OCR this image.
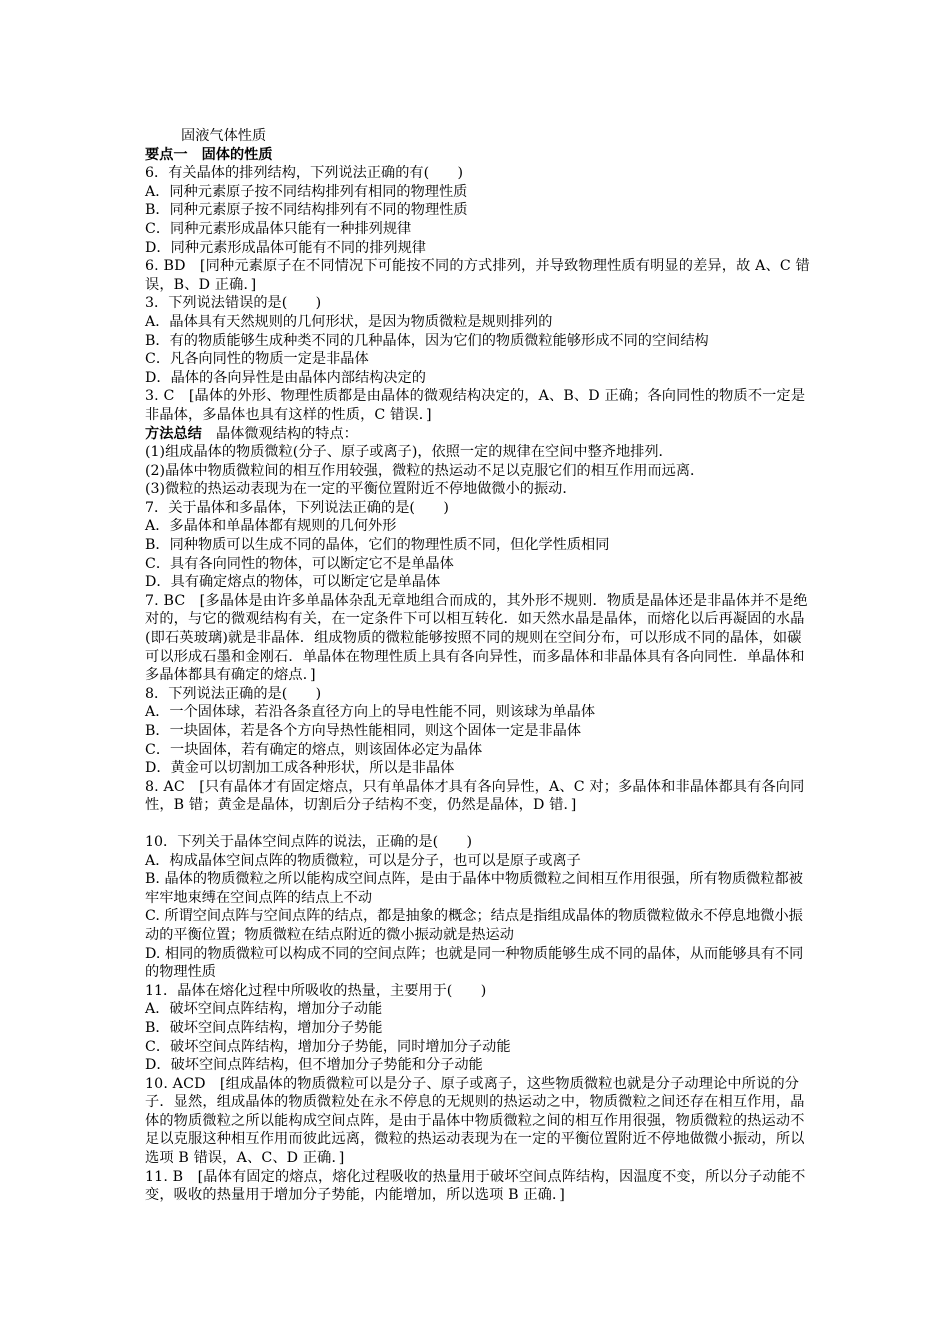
固液气体性质

要点一 固体的性质

6．有关晶体的排列结构，下列说法正确的有(　　)

A．同种元素原子按不同结构排列有相同的物理性质

B．同种元素原子按不同结构排列有不同的物理性质

C．同种元素形成晶体只能有一种排列规律

D．同种元素形成晶体可能有不同的排列规律

6. BD　[同种元素原子在不同情况下可能按不同的方式排列，并导致物理性质有明显的差异，故 A、C 错误，B、D 正确．]

3．下列说法错误的是(　　)

A．晶体具有天然规则的几何形状，是因为物质微粒是规则排列的

B．有的物质能够生成种类不同的几种晶体，因为它们的物质微粒能够形成不同的空间结构

C．凡各向同性的物质一定是非晶体

D．晶体的各向异性是由晶体内部结构决定的

3. C　[晶体的外形、物理性质都是由晶体的微观结构决定的，A、B、D 正确；各向同性的物质不一定是非晶体，多晶体也具有这样的性质，C 错误．]

方法总结　晶体微观结构的特点：

(1)组成晶体的物质微粒(分子、原子或离子)，依照一定的规律在空间中整齐地排列．

(2)晶体中物质微粒间的相互作用较强，微粒的热运动不足以克服它们的相互作用而远离．

(3)微粒的热运动表现为在一定的平衡位置附近不停地做微小的振动．

7．关于晶体和多晶体，下列说法正确的是(　　)

A．多晶体和单晶体都有规则的几何外形

B．同种物质可以生成不同的晶体，它们的物理性质不同，但化学性质相同

C．具有各向同性的物体，可以断定它不是单晶体

D．具有确定熔点的物体，可以断定它是单晶体

7. BC　[多晶体是由许多单晶体杂乱无章地组合而成的，其外形不规则．物质是晶体还是非晶体并不是绝对的，与它的微观结构有关，在一定条件下可以相互转化．如天然水晶是晶体，而熔化以后再凝固的水晶(即石英玻璃)就是非晶体．组成物质的微粒能够按照不同的规则在空间分布，可以形成不同的晶体，如碳可以形成石墨和金刚石．单晶体在物理性质上具有各向异性，而多晶体和非晶体具有各向同性．单晶体和多晶体都具有确定的熔点．]

8．下列说法正确的是(　　)

A．一个固体球，若沿各条直径方向上的导电性能不同，则该球为单晶体

B．一块固体，若是各个方向导热性能相同，则这个固体一定是非晶体

C．一块固体，若有确定的熔点，则该固体必定为晶体

D．黄金可以切割加工成各种形状，所以是非晶体

8. AC　[只有晶体才有固定熔点，只有单晶体才具有各向异性，A、C 对；多晶体和非晶体都具有各向同性，B 错；黄金是晶体，切割后分子结构不变，仍然是晶体，D 错．]

10．下列关于晶体空间点阵的说法，正确的是(　　)

A．构成晶体空间点阵的物质微粒，可以是分子，也可以是原子或离子

B. 晶体的物质微粒之所以能构成空间点阵，是由于晶体中物质微粒之间相互作用很强，所有物质微粒都被牢牢地束缚在空间点阵的结点上不动

C. 所谓空间点阵与空间点阵的结点，都是抽象的概念；结点是指组成晶体的物质微粒做永不停息地微小振动的平衡位置；物质微粒在结点附近的微小振动就是热运动

D. 相同的物质微粒可以构成不同的空间点阵；也就是同一种物质能够生成不同的晶体，从而能够具有不同的物理性质

11．晶体在熔化过程中所吸收的热量，主要用于(　　)

A．破坏空间点阵结构，增加分子动能

B．破坏空间点阵结构，增加分子势能

C．破坏空间点阵结构，增加分子势能，同时增加分子动能

D．破坏空间点阵结构，但不增加分子势能和分子动能

10. ACD　[组成晶体的物质微粒可以是分子、原子或离子，这些物质微粒也就是分子动理论中所说的分子．显然，组成晶体的物质微粒处在永不停息的无规则的热运动之中，物质微粒之间还存在相互作用，晶体的物质微粒之所以能构成空间点阵，是由于晶体中物质微粒之间的相互作用很强，物质微粒的热运动不足以克服这种相互作用而彼此远离，微粒的热运动表现为在一定的平衡位置附近不停地做微小振动，所以选项 B 错误，A、C、D 正确．]

11. B　[晶体有固定的熔点，熔化过程吸收的热量用于破坏空间点阵结构，因温度不变，所以分子动能不变，吸收的热量用于增加分子势能，内能增加，所以选项 B 正确．]
